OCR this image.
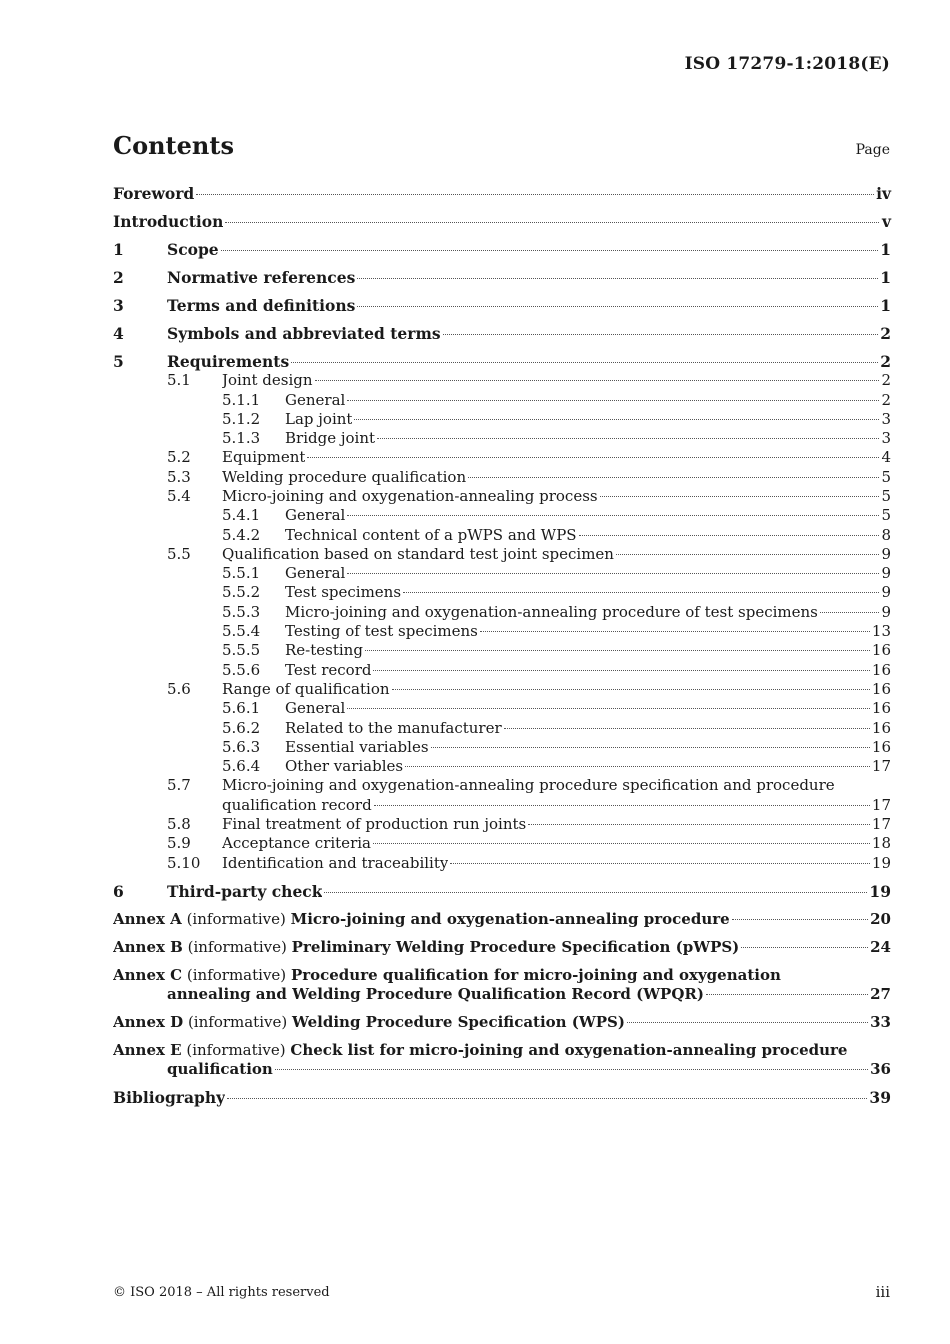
ISO 17279-1:2018(E)
Contents	Page
Foreword	iv
Introduction	v
1	Scope	1
2	Normative references	1
3	Terms and definitions	1
4	Symbols and abbreviated terms	2
5	Requirements	2
5.1	Joint design	2
5.1.1	General	2
5.1.2	Lap joint	3
5.1.3	Bridge joint	3
5.2	Equipment	4
5.3	Welding procedure qualification	5
5.4	Micro-joining and oxygenation-annealing process	5
5.4.1	General	5
5.4.2	Technical content of a pWPS and WPS	8
5.5	Qualification based on standard test joint specimen	9
5.5.1	General	9
5.5.2	Test specimens	9
5.5.3	Micro-joining and oxygenation-annealing procedure of test specimens	9
5.5.4	Testing of test specimens	13
5.5.5	Re-testing	16
5.5.6	Test record	16
5.6	Range of qualification	16
5.6.1	General	16
5.6.2	Related to the manufacturer	16
5.6.3	Essential variables	16
5.6.4	Other variables	17
5.7	Micro-joining and oxygenation-annealing procedure specification and procedure
qualification record	17
5.8	Final treatment of production run joints	17
5.9	Acceptance criteria	18
5.10	Identification and traceability	19
6	Third-party check	19
Annex A (informative) Micro-joining and oxygenation-annealing procedure	20
Annex B (informative) Preliminary Welding Procedure Specification (pWPS)	24
Annex C (informative) Procedure qualification for micro-joining and oxygenation
annealing and Welding Procedure Qualification Record (WPQR)	27
Annex D (informative) Welding Procedure Specification (WPS)	33
Annex E (informative) Check list for micro-joining and oxygenation-annealing procedure
qualification	36
Bibliography	39
© ISO 2018 – All rights reserved	iii
